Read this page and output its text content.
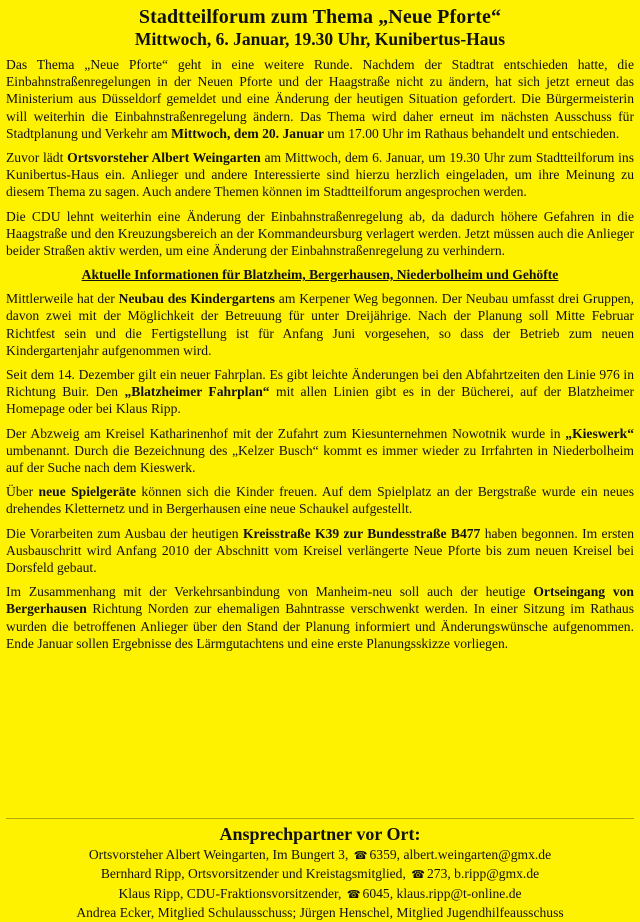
Stadtteilforum zum Thema „Neue Pforte“
Mittwoch, 6. Januar, 19.30 Uhr, Kunibertus-Haus

Das Thema „Neue Pforte“ geht in eine weitere Runde. Nachdem der Stadtrat entschieden hatte, die Einbahnstraßenregelungen in der Neuen Pforte und der Haagstraße nicht zu ändern, hat sich jetzt erneut das Ministerium aus Düsseldorf gemeldet und eine Änderung der heutigen Situation gefordert. Die Bürgermeisterin will weiterhin die Einbahnstraßenregelung ändern. Das Thema wird daher erneut im nächsten Ausschuss für Stadtplanung und Verkehr am Mittwoch, dem 20. Januar um 17.00 Uhr im Rathaus behandelt und entschieden.

Zuvor lädt Ortsvorsteher Albert Weingarten am Mittwoch, dem 6. Januar, um 19.30 Uhr zum Stadtteilforum ins Kunibertus-Haus ein. Anlieger und andere Interessierte sind hierzu herzlich eingeladen, um ihre Meinung zu diesem Thema zu sagen. Auch andere Themen können im Stadtteilforum angesprochen werden.

Die CDU lehnt weiterhin eine Änderung der Einbahnstraßenregelung ab, da dadurch höhere Gefahren in die Haagstraße und den Kreuzungsbereich an der Kommandeursburg verlagert werden. Jetzt müssen auch die Anlieger beider Straßen aktiv werden, um eine Änderung der Einbahnstraßenregelung zu verhindern.

Aktuelle Informationen für Blatzheim, Bergerhausen, Niederbolheim und Gehöfte

Mittlerweile hat der Neubau des Kindergartens am Kerpener Weg begonnen. Der Neubau umfasst drei Gruppen, davon zwei mit der Möglichkeit der Betreuung für unter Dreijährige. Nach der Planung soll Mitte Februar Richtfest sein und die Fertigstellung ist für Anfang Juni vorgesehen, so dass der Betrieb zum neuen Kindergartenjahr aufgenommen wird.

Seit dem 14. Dezember gilt ein neuer Fahrplan. Es gibt leichte Änderungen bei den Abfahrtzeiten den Linie 976 in Richtung Buir. Den „Blatzheimer Fahrplan“ mit allen Linien gibt es in der Bücherei, auf der Blatzheimer Homepage oder bei Klaus Ripp.

Der Abzweig am Kreisel Katharinenhof mit der Zufahrt zum Kiesunternehmen Nowotnik wurde in „Kieswerk“ umbenannt. Durch die Bezeichnung des „Kelzer Busch“ kommt es immer wieder zu Irrfahrten in Niederbolheim auf der Suche nach dem Kieswerk.

Über neue Spielgeräte können sich die Kinder freuen. Auf dem Spielplatz an der Bergstraße wurde ein neues drehendes Kletternetz und in Bergerhausen eine neue Schaukel aufgestellt.

Die Vorarbeiten zum Ausbau der heutigen Kreisstraße K39 zur Bundesstraße B477 haben begonnen. Im ersten Ausbauschritt wird Anfang 2010 der Abschnitt vom Kreisel verlängerte Neue Pforte bis zum neuen Kreisel bei Dorsfeld gebaut.

Im Zusammenhang mit der Verkehrsanbindung von Manheim-neu soll auch der heutige Ortseingang von Bergerhausen Richtung Norden zur ehemaligen Bahntrasse verschwenkt werden. In einer Sitzung im Rathaus wurden die betroffenen Anlieger über den Stand der Planung informiert und Änderungswünsche aufgenommen. Ende Januar sollen Ergebnisse des Lärmgutachtens und eine erste Planungsskizze vorliegen.

Ansprechpartner vor Ort:
Ortsvorsteher Albert Weingarten, Im Bungert 3, ☎ 6359, albert.weingarten@gmx.de
Bernhard Ripp, Ortsvorsitzender und Kreistagsmitglied, ☎ 273, b.ripp@gmx.de
Klaus Ripp, CDU-Fraktionsvorsitzender, ☎ 6045, klaus.ripp@t-online.de
Andrea Ecker, Mitglied Schulausschuss; Jürgen Henschel, Mitglied Jugendhilfeausschuss
